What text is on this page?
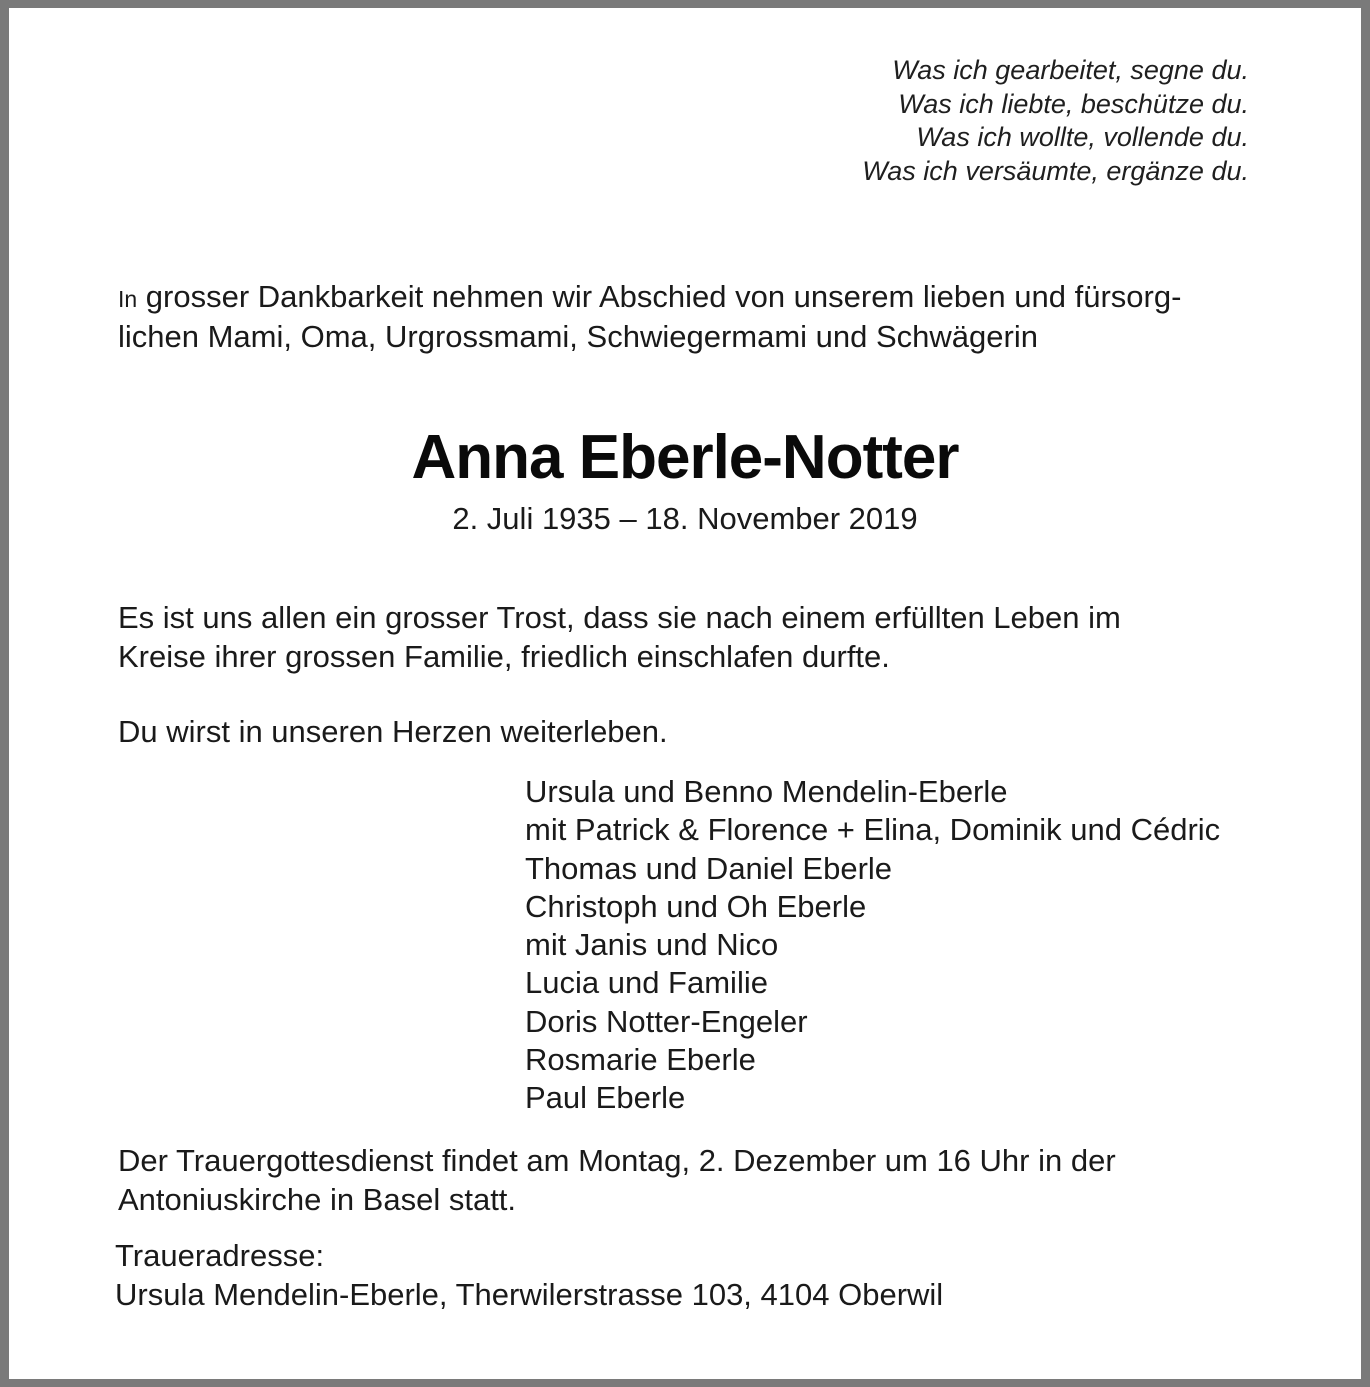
Was ich gearbeitet, segne du.
Was ich liebte, beschütze du.
Was ich wollte, vollende du.
Was ich versäumte, ergänze du.
In grosser Dankbarkeit nehmen wir Abschied von unserem lieben und fürsorg-
lichen Mami, Oma, Urgrossmami, Schwiegermami und Schwägerin
Anna Eberle-Notter
2. Juli 1935 – 18. November 2019
Es ist uns allen ein grosser Trost, dass sie nach einem erfüllten Leben im
Kreise ihrer grossen Familie, friedlich einschlafen durfte.
Du wirst in unseren Herzen weiterleben.
Ursula und Benno Mendelin-Eberle
mit Patrick & Florence + Elina, Dominik und Cédric
Thomas und Daniel Eberle
Christoph und Oh Eberle
mit Janis und Nico
Lucia und Familie
Doris Notter-Engeler
Rosmarie Eberle
Paul Eberle
Der Trauergottesdienst findet am Montag, 2. Dezember um 16 Uhr in der
Antoniuskirche in Basel statt.
Traueradresse:
Ursula Mendelin-Eberle, Therwilerstrasse 103, 4104 Oberwil
